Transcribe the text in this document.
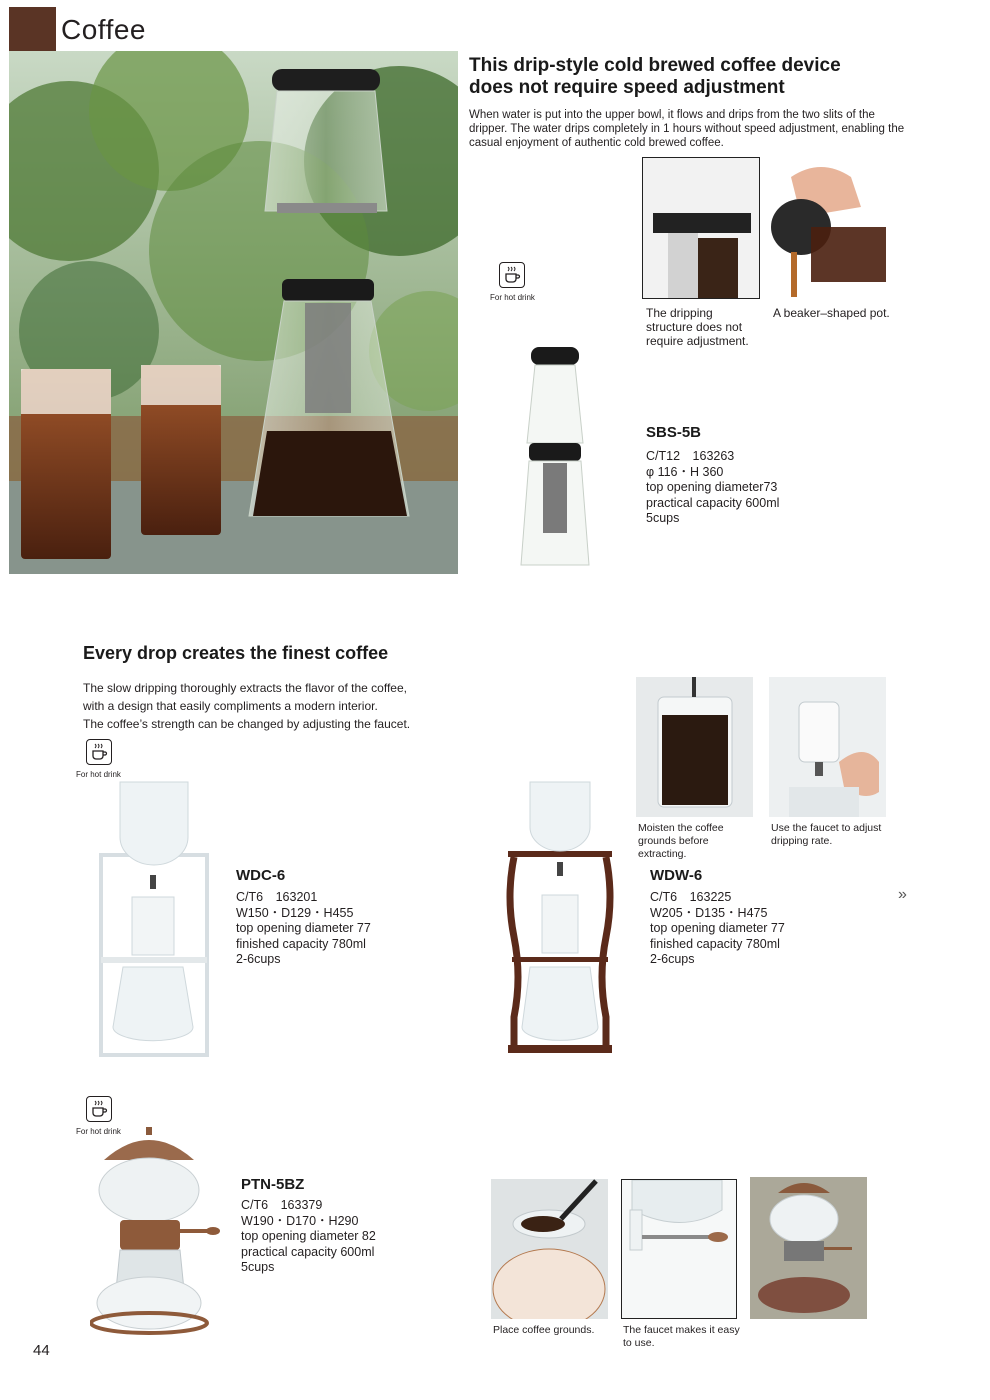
Coffee
This drip-style cold brewed coffee device
does not require speed adjustment
When water is put into the upper bowl, it flows and drips from the two slits of the
dripper. The water drips completely in 1 hours without speed adjustment, enabling the
casual enjoyment of authentic cold brewed coffee.
For hot drink
The dripping
structure does not
require adjustment.
A beaker–shaped pot.
SBS-5B
C/T12　163263
φ 116・H 360
top opening diameter73
practical capacity 600ml
5cups
Every drop creates the finest coffee
The slow dripping thoroughly extracts the flavor of the coffee,
with a design that easily compliments a modern interior.
The coffee’s strength can be changed by adjusting the faucet.
For hot drink
WDC-6
C/T6　163201
W150・D129・H455
top opening diameter 77
finished capacity 780ml
2-6cups
WDW-6
C/T6　163225
W205・D135・H475
top opening diameter 77
finished capacity 780ml
2-6cups
»
Moisten the coffee
grounds before
extracting.
Use the faucet to adjust
dripping rate.
For hot drink
PTN-5BZ
C/T6　163379
W190・D170・H290
top opening diameter 82
practical capacity 600ml
5cups
Place coffee grounds.	The faucet makes it easy
to use.
44
